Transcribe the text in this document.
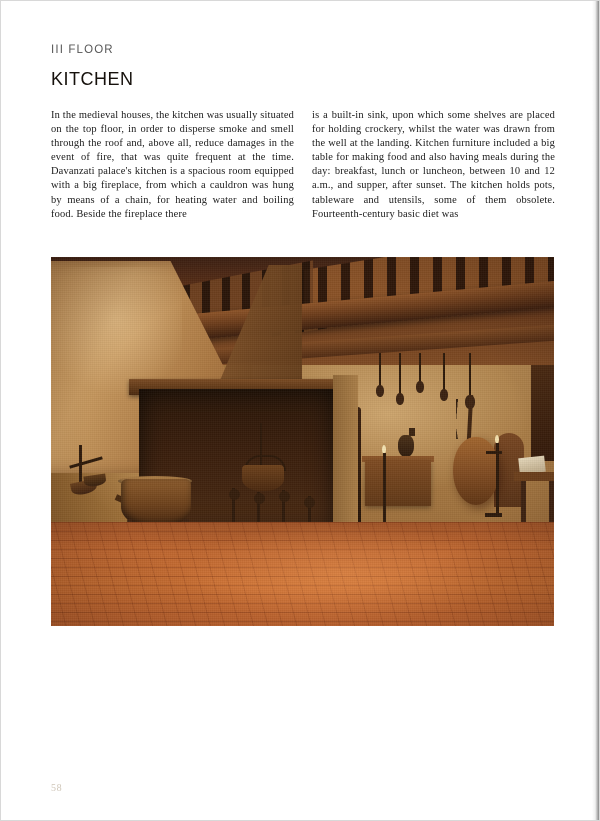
III FLOOR
kitchen
In the medieval houses, the kitchen was usually situated on the top floor, in order to disperse smoke and smell through the roof and, above all, reduce damages in the event of fire, that was quite frequent at the time. Davanzati palace's kitchen is a spacious room equipped with a big fireplace, from which a cauldron was hung by means of a chain, for heating water and boiling food. Beside the fireplace there
is a built-in sink, upon which some shelves are placed for holding crockery, whilst the water was drawn from the well at the landing. Kitchen furniture included a big table for making food and also having meals during the day: breakfast, lunch or luncheon, between 10 and 12 a.m., and supper, after sunset. The kitchen holds pots, tableware and utensils, some of them obsolete. Fourteenth-century basic diet was
58
